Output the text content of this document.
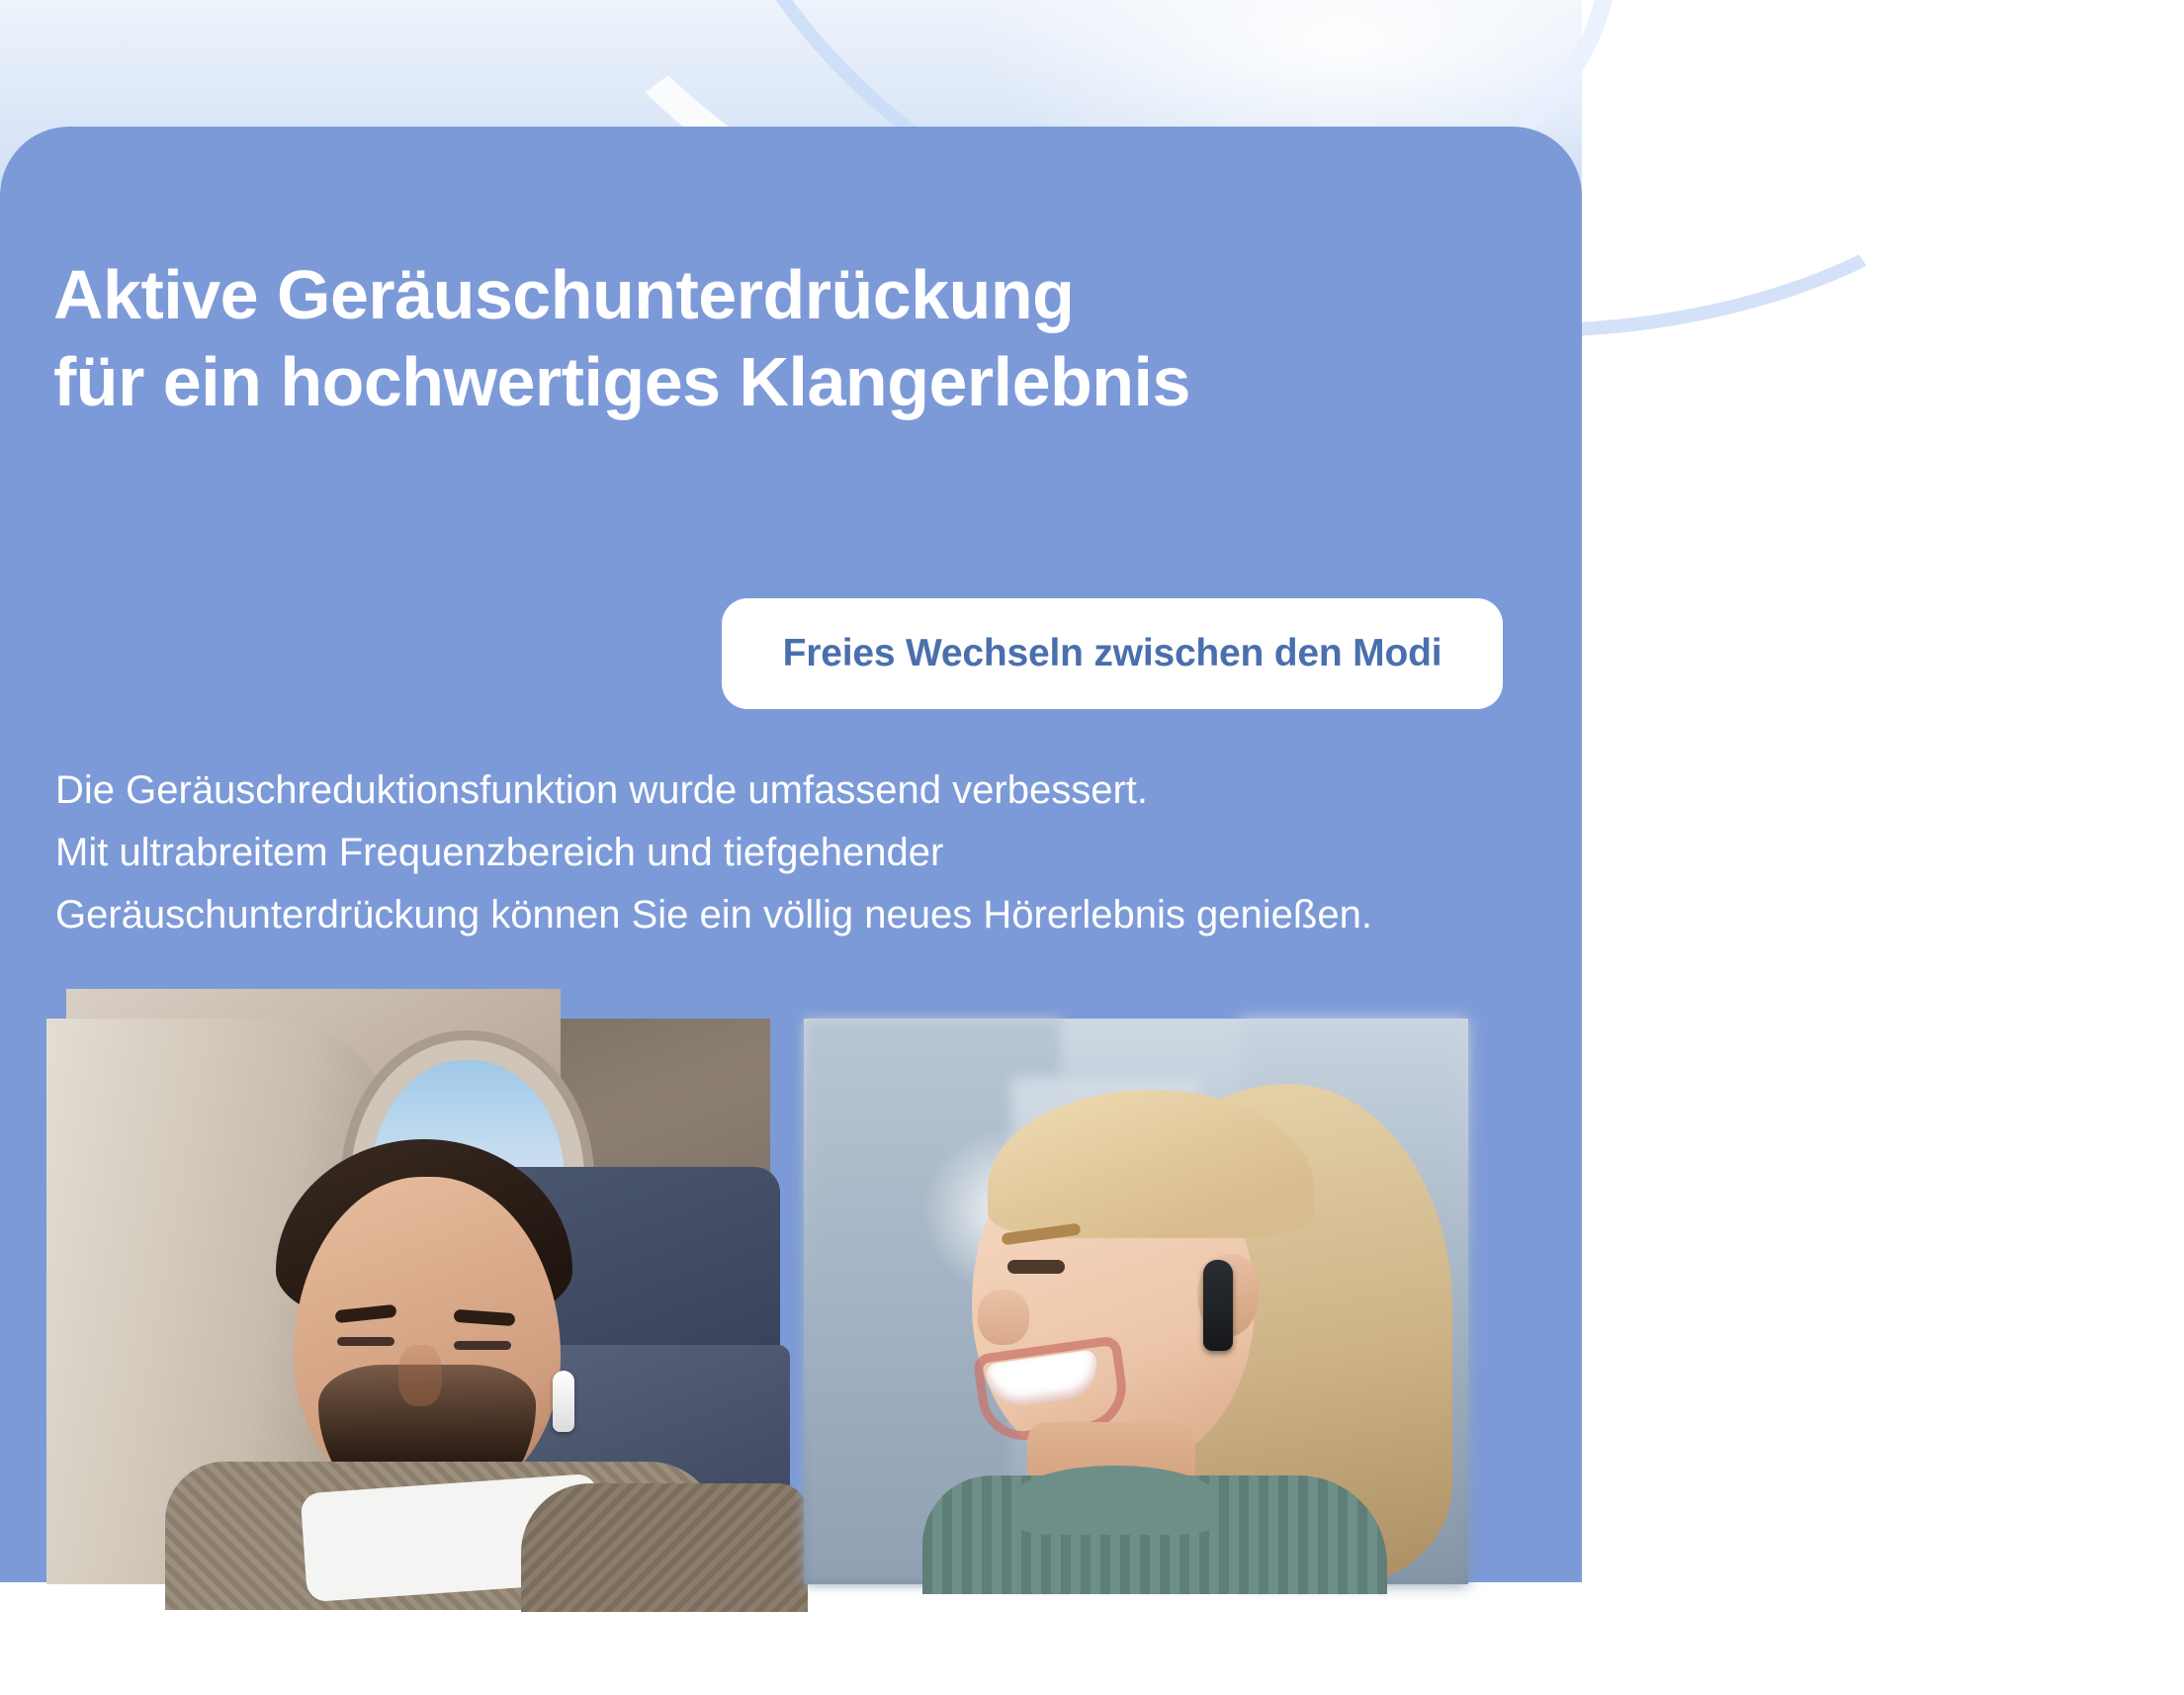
Aktive Geräuschunterdrückung
für ein hochwertiges Klangerlebnis
Freies Wechseln zwischen den Modi
Die Geräuschreduktionsfunktion wurde umfassend verbessert.
Mit ultrabreitem Frequenzbereich und tiefgehender
Geräuschunterdrückung können Sie ein völlig neues Hörerlebnis genießen.
Modus für aktive
Geräuschunterdrückung
Adaptiver
Transparenzmodus
